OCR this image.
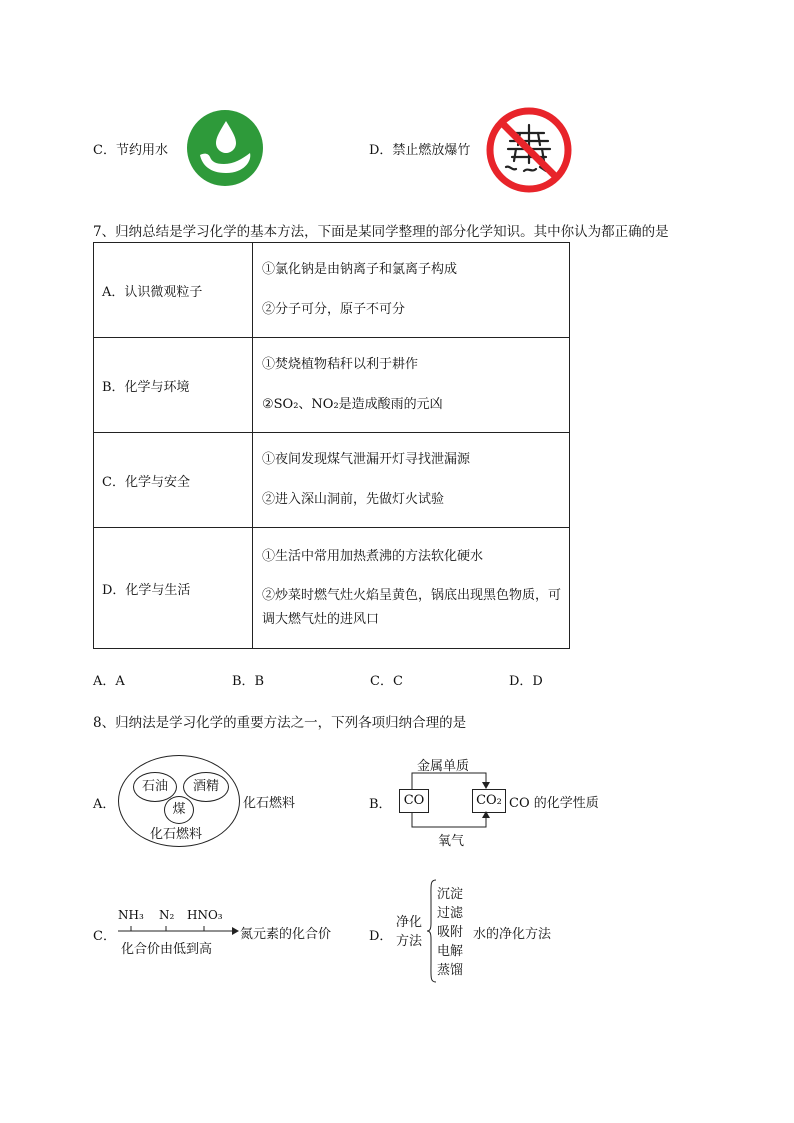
C．节约用水	D．禁止燃放爆竹
7、归纳总结是学习化学的基本方法，下面是某同学整理的部分化学知识。其中你认为都正确的是
A．认识微观粒子	①氯化钠是由钠离子和氯离子构成
②分子可分，原子不可分

B．化学与环境	①焚烧植物秸秆以利于耕作
②SO₂、NO₂是造成酸雨的元凶

C．化学与安全	①夜间发现煤气泄漏开灯寻找泄漏源
②进入深山洞前，先做灯火试验

D．化学与生活	①生活中常用加热煮沸的方法软化硬水
②炒菜时燃气灶火焰呈黄色，锅底出现黑色物质，可调大燃气灶的进风口
A．A	B．B	C．C	D．D
8、归纳法是学习化学的重要方法之一，下列各项归纳合理的是
A．
石油	酒精
煤
化石燃料
化石燃料	B．
金属单质
CO	CO₂
氧气
CO 的化学性质
C．
NH₃ N₂ HNO₃
化合价由低到高
氮元素的化合价	D．
净化
方法
沉淀
过滤
吸附
电解
蒸馏
水的净化方法
